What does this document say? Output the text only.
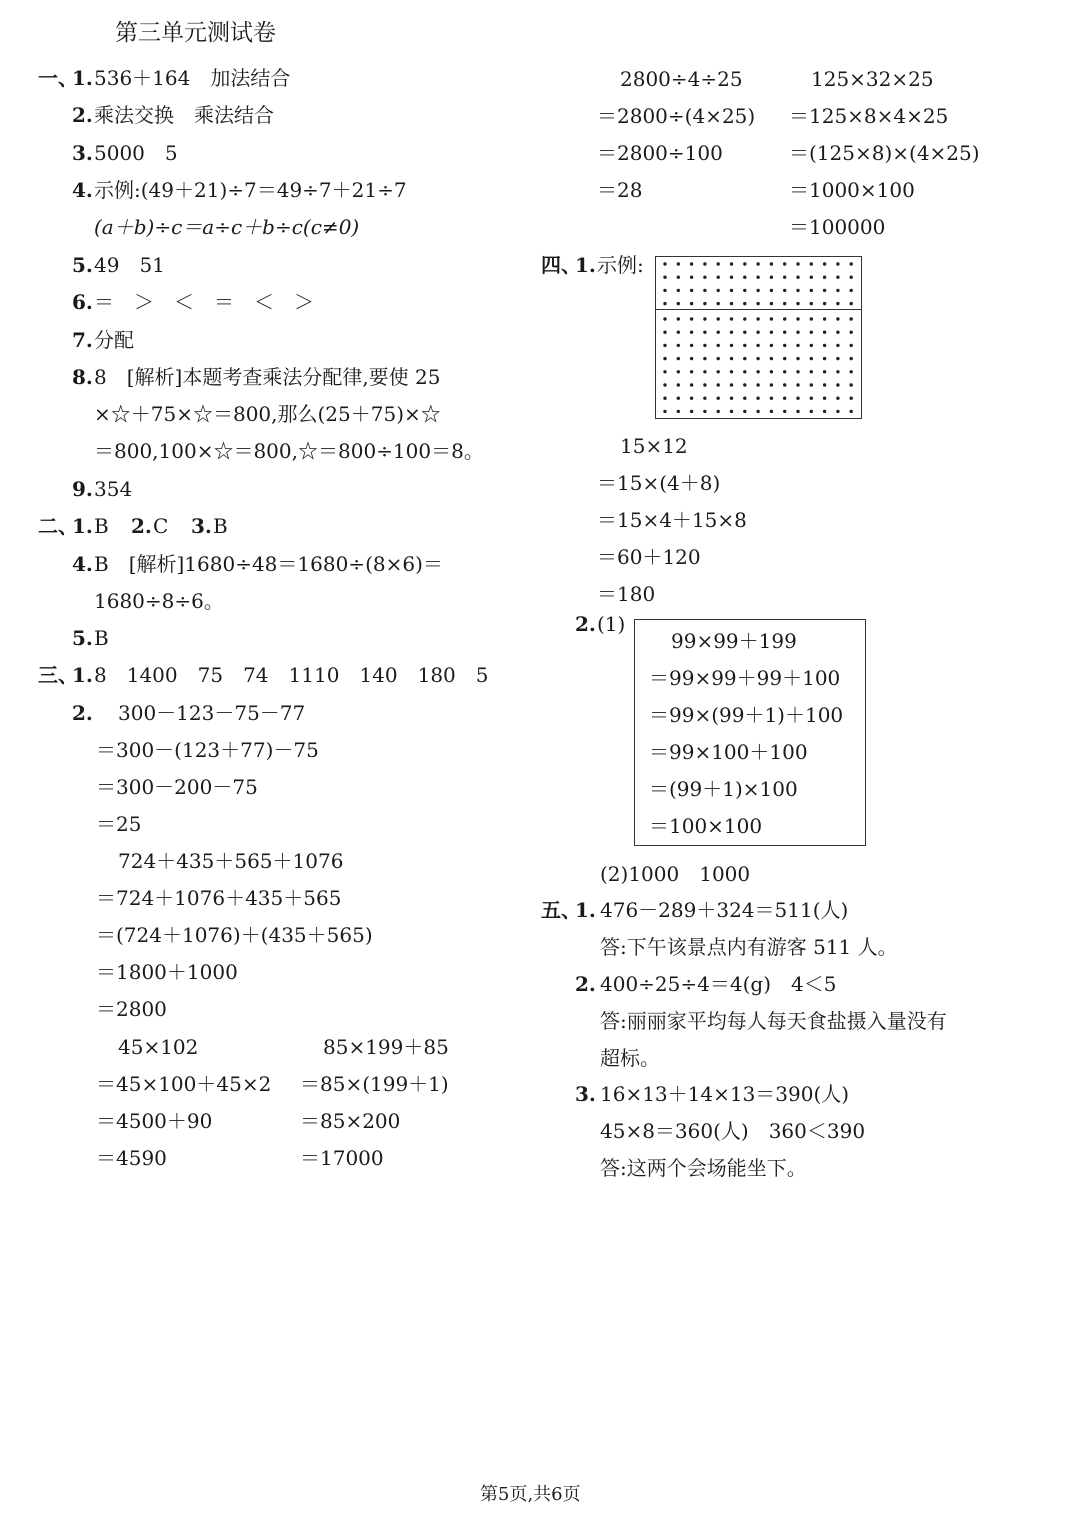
第三单元测试卷
一、
1. 536＋164　加法结合
2. 乘法交换　乘法结合
3. 5000　5
4. 示例:(49＋21)÷7＝49÷7＋21÷7
(a＋b)÷c＝a÷c＋b÷c(c≠0)
5. 49　51
6. ＝　＞　＜　＝　＜　＞
7. 分配
8. 8　[解析]本题考查乘法分配律,要使 25
×☆＋75×☆＝800,那么(25＋75)×☆
＝800,100×☆＝800,☆＝800÷100＝8。
9. 354
二、
1. B 2. C 3. B
4. B　[解析]1680÷48＝1680÷(8×6)＝
1680÷8÷6。
5. B
三、
1. 8　1400　75　74　1110　140　180　5
2. 300－123－75－77
＝300－(123＋77)－75
＝300－200－75
＝25
724＋435＋565＋1076
＝724＋1076＋435＋565
＝(724＋1076)＋(435＋565)
＝1800＋1000
＝2800
45×102
＝45×100＋45×2
＝4500＋90
＝4590
85×199＋85
＝85×(199＋1)
＝85×200
＝17000
2800÷4÷25
＝2800÷(4×25)
＝2800÷100
＝28
125×32×25
＝125×8×4×25
＝(125×8)×(4×25)
＝1000×100
＝100000
四、
1. 示例:
15×12
＝15×(4＋8)
＝15×4＋15×8
＝60＋120
＝180
2. (1)
99×99＋199
＝99×99＋99＋100
＝99×(99＋1)＋100
＝99×100＋100
＝(99＋1)×100
＝100×100
(2)1000　1000
五、
1. 476－289＋324＝511(人)
答:下午该景点内有游客 511 人。
2. 400÷25÷4＝4(g)　4＜5
答:丽丽家平均每人每天食盐摄入量没有
超标。
3. 16×13＋14×13＝390(人)
45×8＝360(人)　360＜390
答:这两个会场能坐下。
第5页,共6页
